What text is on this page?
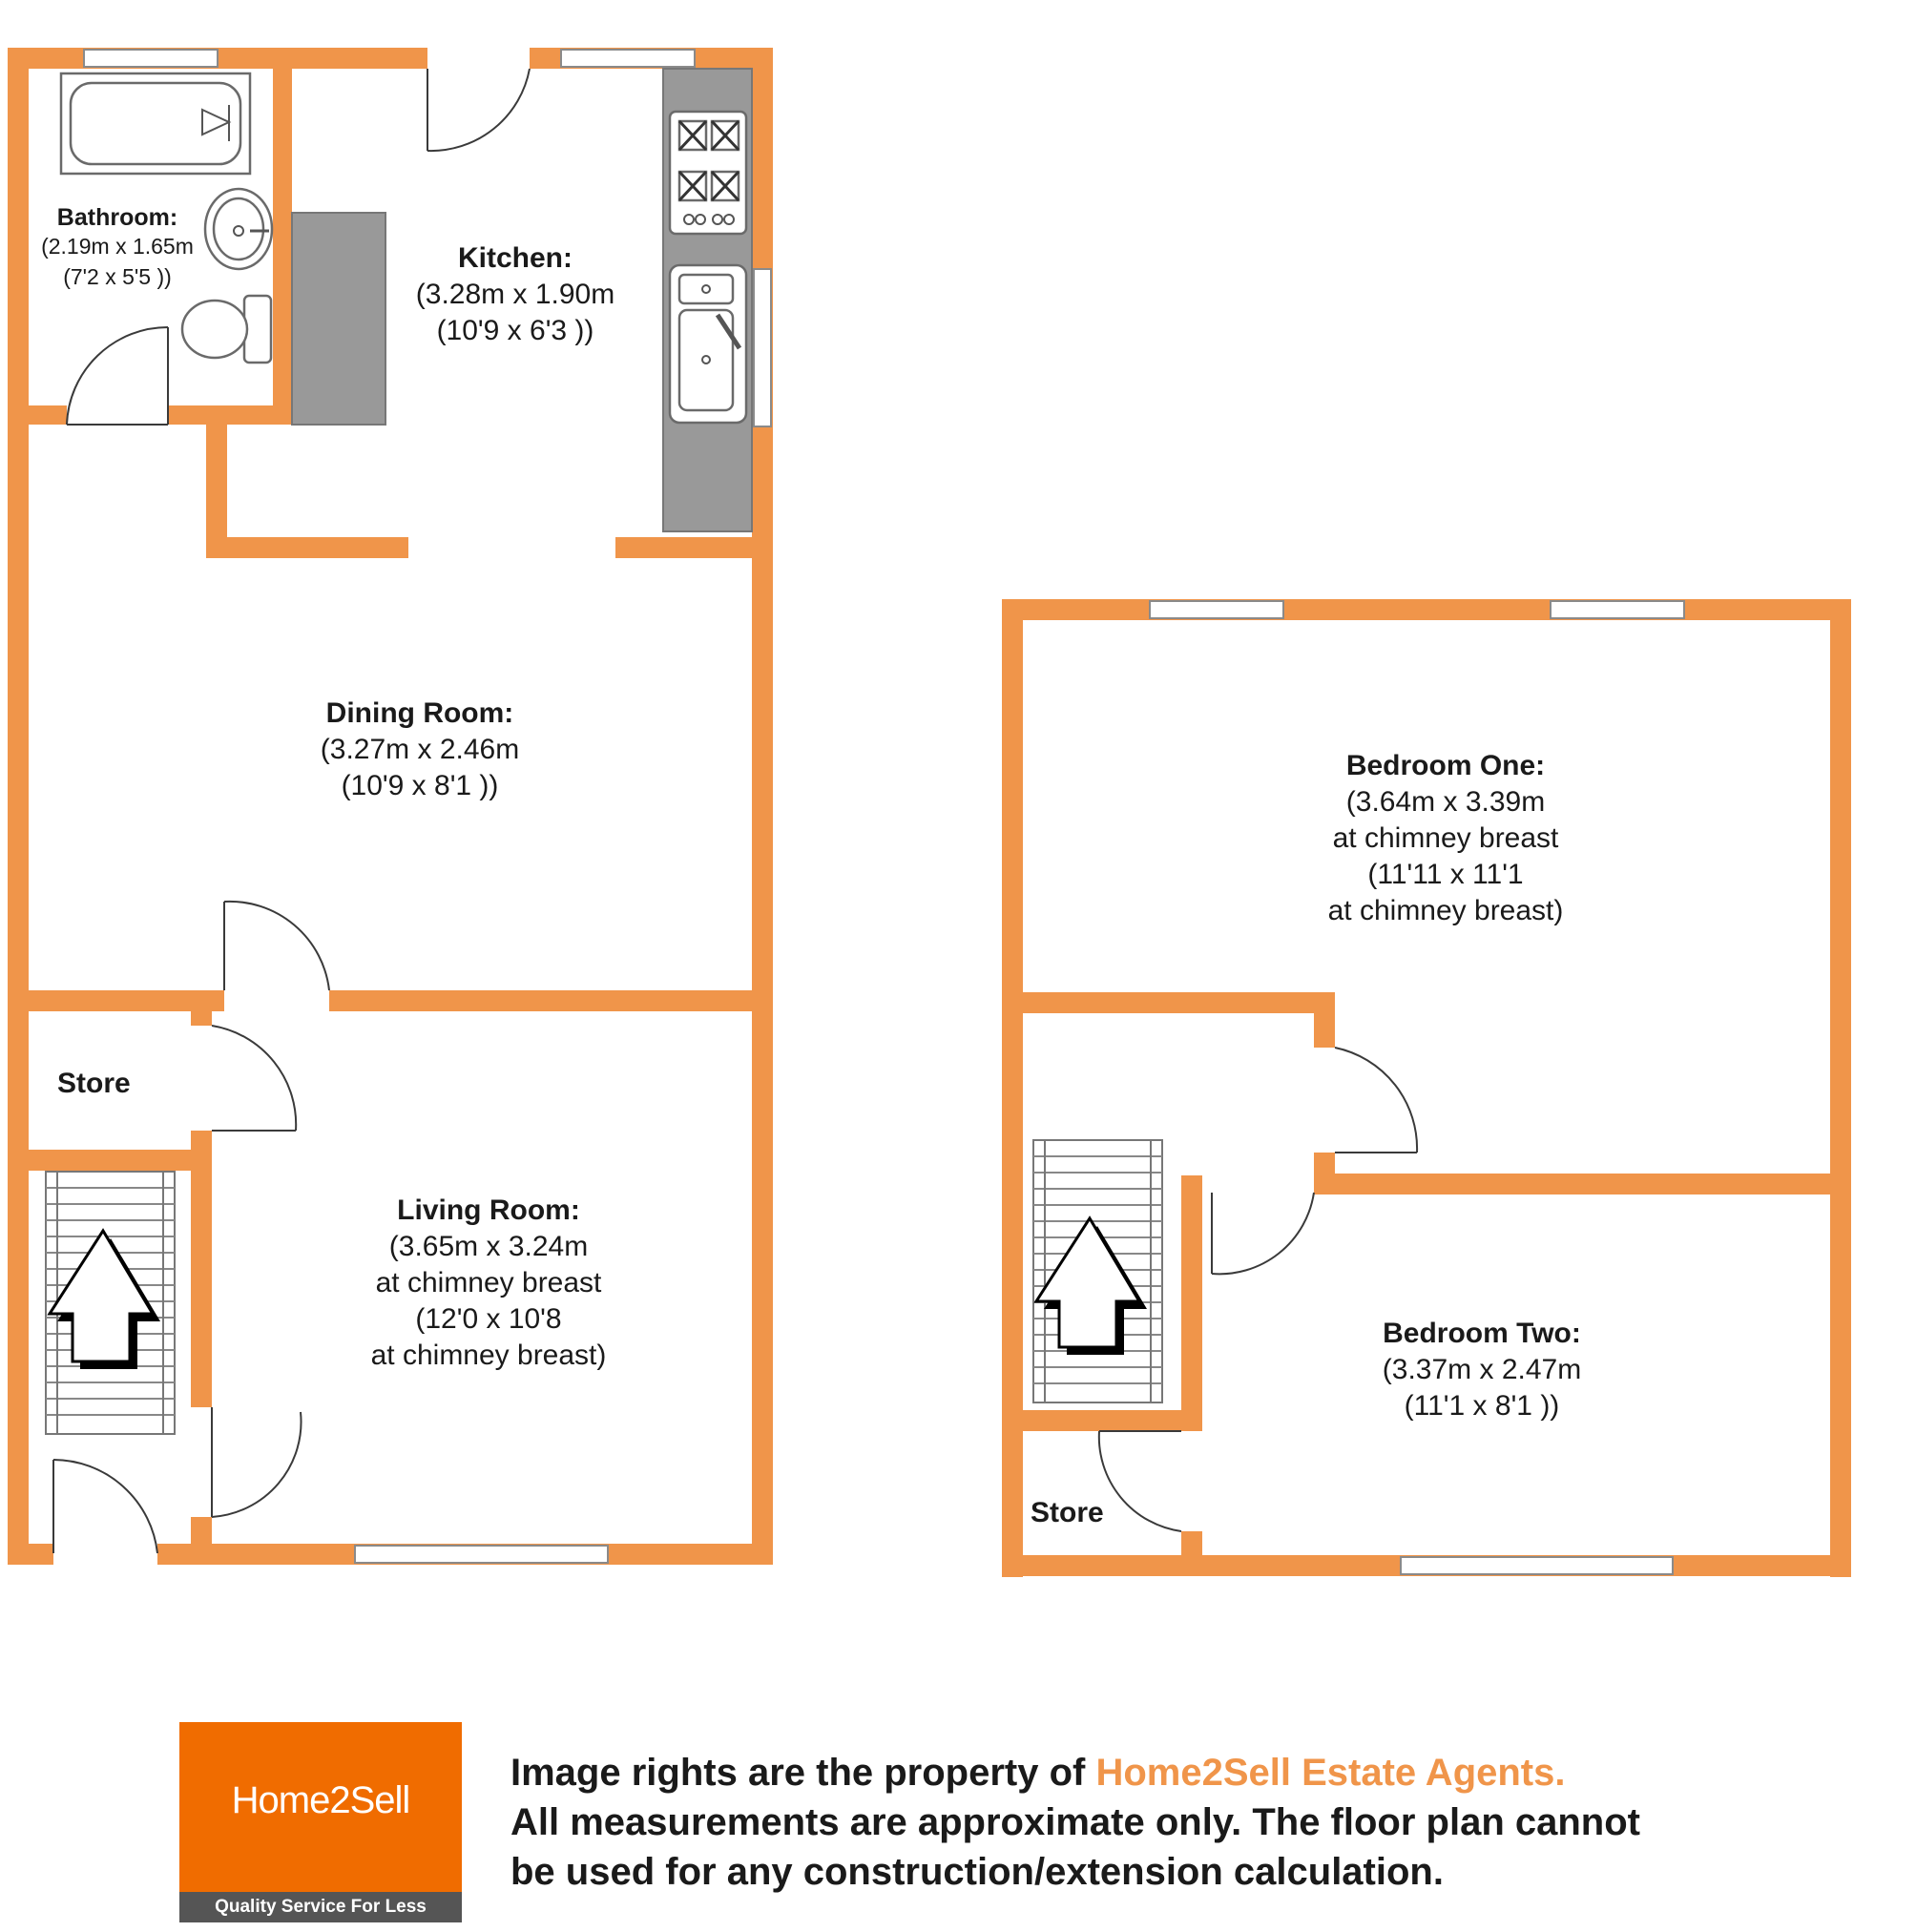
Bathroom:
(2.19m x 1.65m
(7'2 x 5'5 ))
Kitchen:
(3.28m x 1.90m
(10'9 x 6'3 ))
Dining Room:
(3.27m x 2.46m
(10'9 x 8'1 ))
Store
Living Room:
(3.65m x 3.24m
at chimney breast
(12'0 x 10'8
at chimney breast)
Bedroom One:
(3.64m x 3.39m
at chimney breast
(11'11 x 11'1
at chimney breast)
Bedroom Two:
(3.37m x 2.47m
(11'1 x 8'1 ))
Store
Home2Sell
Quality Service For Less
Image rights are the property of Home2Sell Estate Agents.
All measurements are approximate only. The floor plan cannot
be used for any construction/extension calculation.
